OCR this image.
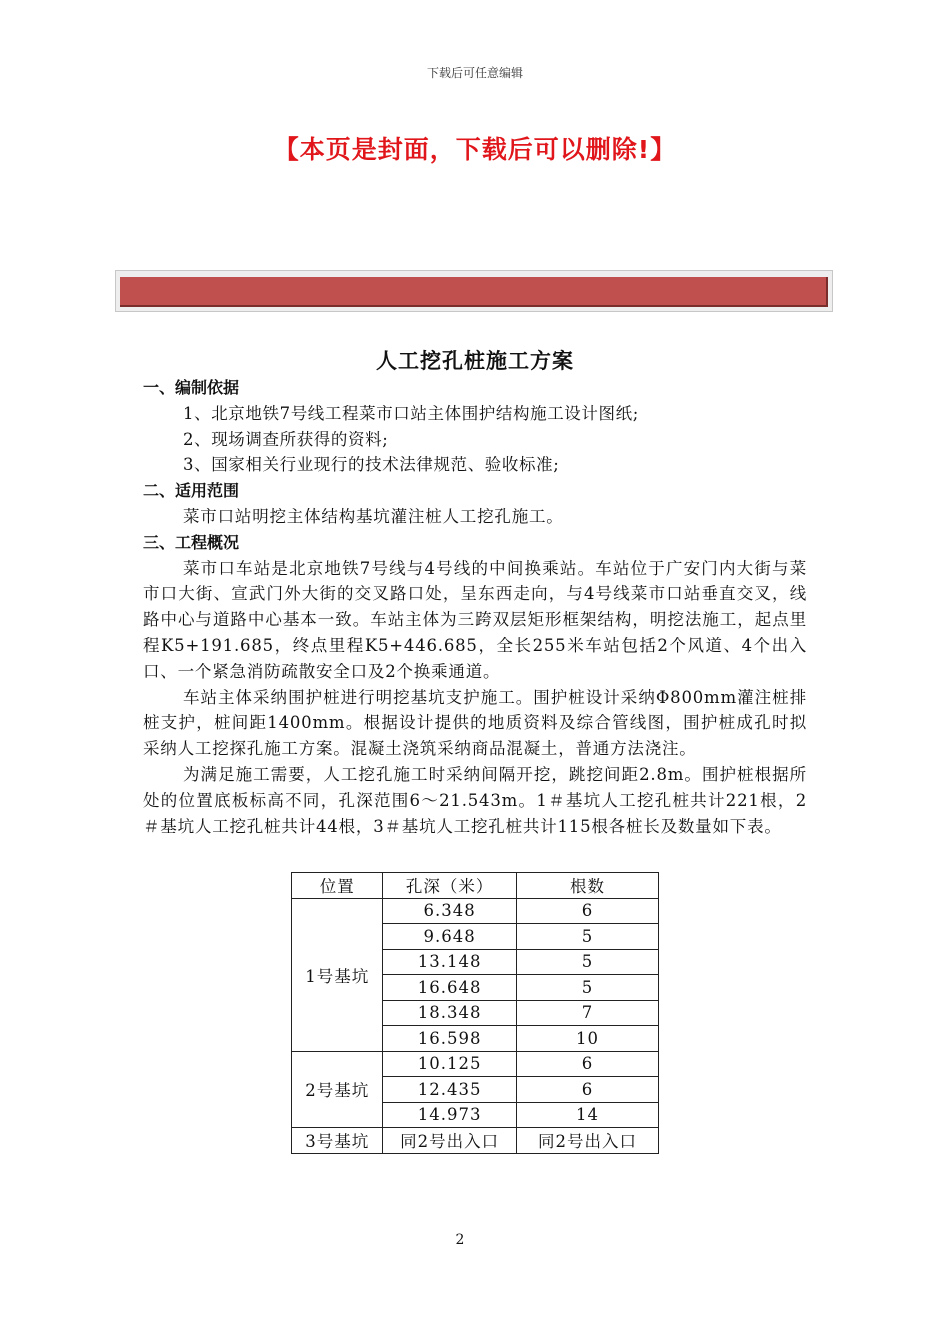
下载后可任意编辑
【本页是封面，下载后可以删除!】
人工挖孔桩施工方案
一、编制依据
1、北京地铁7号线工程菜市口站主体围护结构施工设计图纸;
2、现场调查所获得的资料;
3、国家相关行业现行的技术法律规范、验收标准;
二、适用范围
菜市口站明挖主体结构基坑灌注桩人工挖孔施工。
三、工程概况
菜市口车站是北京地铁7号线与4号线的中间换乘站。车站位于广安门内大街与菜市口大街、宣武门外大街的交叉路口处，呈东西走向，与4号线菜市口站垂直交叉，线路中心与道路中心基本一致。车站主体为三跨双层矩形框架结构，明挖法施工，起点里程K5+191.685，终点里程K5+446.685，全长255米车站包括2个风道、4个出入口、一个紧急消防疏散安全口及2个换乘通道。
车站主体采纳围护桩进行明挖基坑支护施工。围护桩设计采纳Φ800mm灌注桩排桩支护，桩间距1400mm。根据设计提供的地质资料及综合管线图，围护桩成孔时拟采纳人工挖探孔施工方案。混凝土浇筑采纳商品混凝土，普通方法浇注。
为满足施工需要，人工挖孔施工时采纳间隔开挖，跳挖间距2.8m。围护桩根据所处的位置底板标高不同，孔深范围6～21.543m。1＃基坑人工挖孔桩共计221根，2＃基坑人工挖孔桩共计44根，3＃基坑人工挖孔桩共计115根各桩长及数量如下表。
位置	孔深（米）	根数
1号基坑	6.348	6
	9.648	5
	13.148	5
	16.648	5
	18.348	7
	16.598	10
2号基坑	10.125	6
	12.435	6
	14.973	14
3号基坑	同2号出入口	同2号出入口
2
